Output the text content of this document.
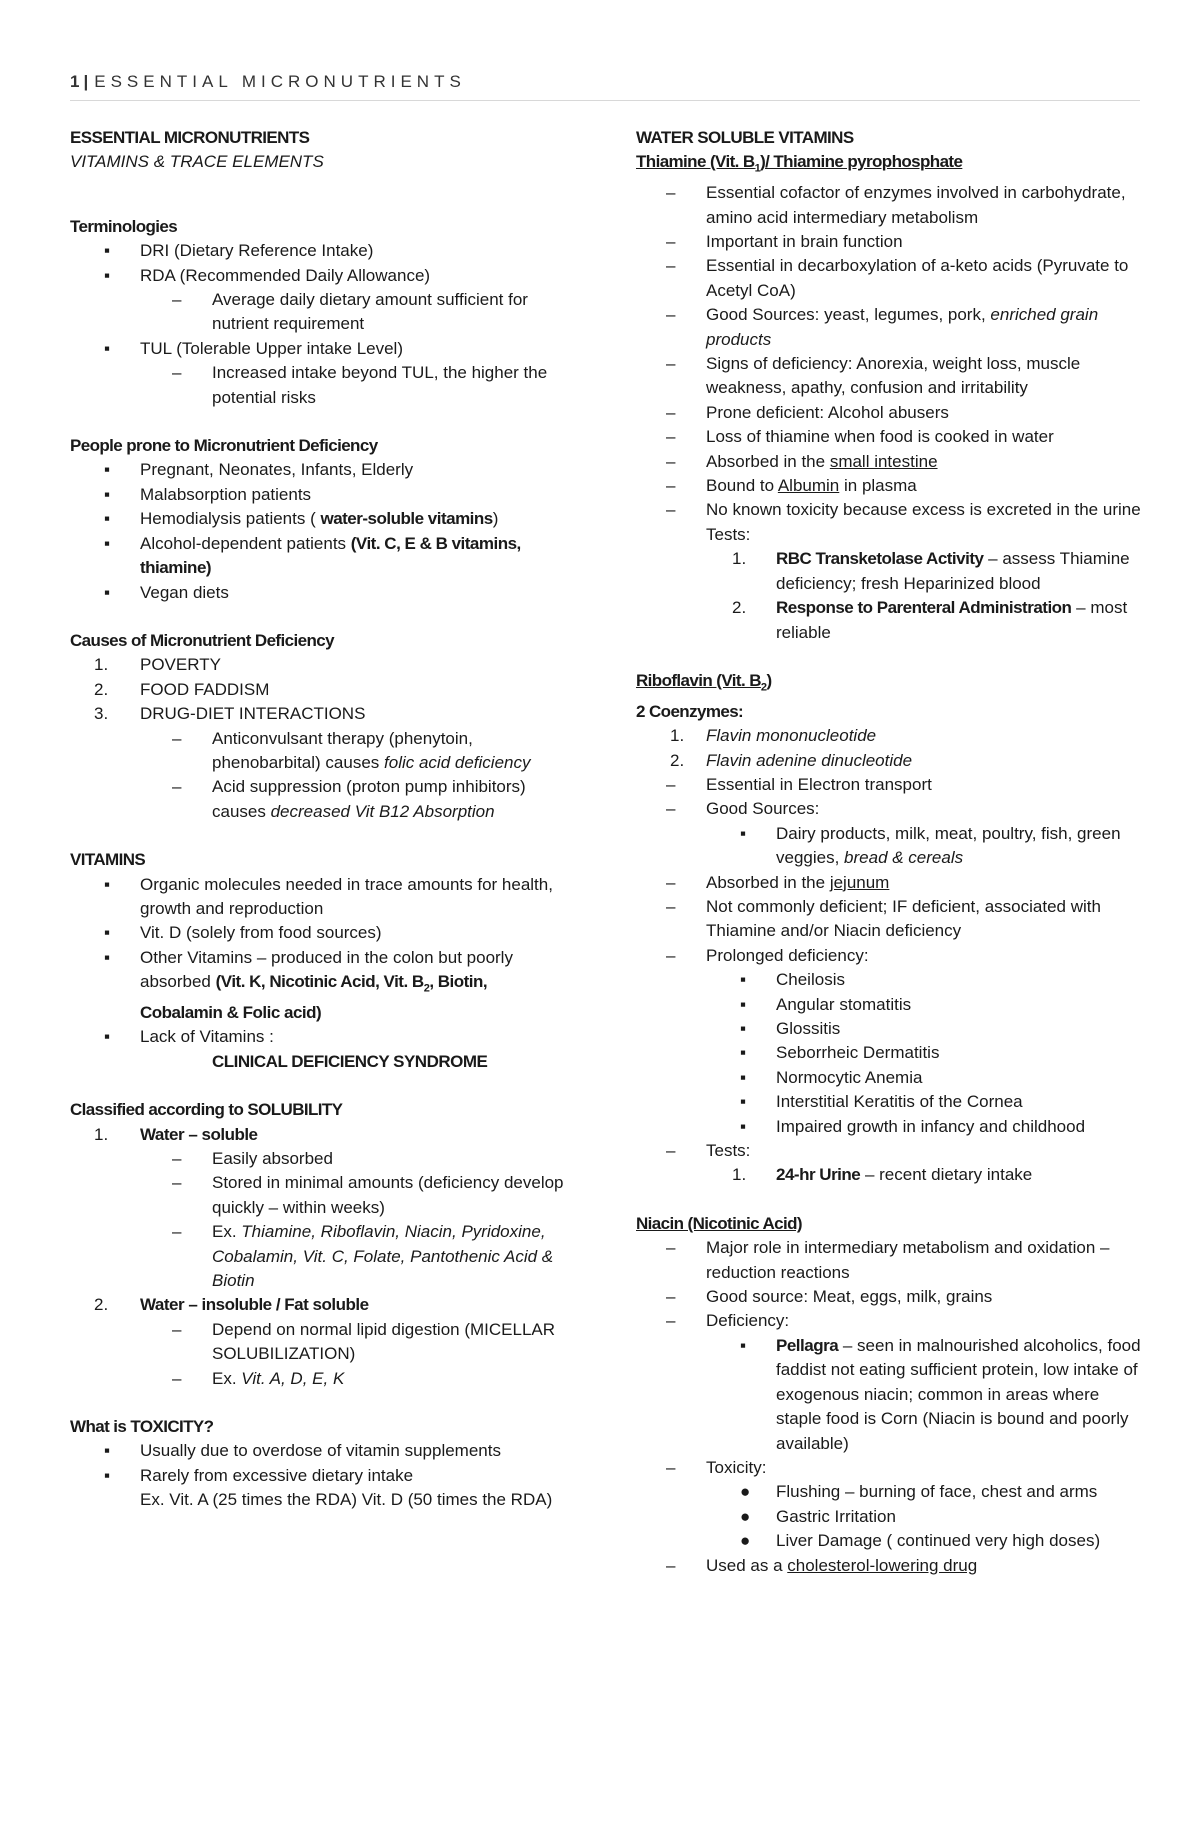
1 | ESSENTIAL MICRONUTRIENTS
ESSENTIAL MICRONUTRIENTS
VITAMINS & TRACE ELEMENTS
Terminologies
▪ DRI (Dietary Reference Intake)
▪ RDA (Recommended Daily Allowance)
– Average daily dietary amount sufficient for nutrient requirement
▪ TUL (Tolerable Upper intake Level)
– Increased intake beyond TUL, the higher the potential risks
People prone to Micronutrient Deficiency
▪ Pregnant, Neonates, Infants, Elderly
▪ Malabsorption patients
▪ Hemodialysis patients ( water-soluble vitamins)
▪ Alcohol-dependent patients (Vit. C, E & B vitamins, thiamine)
▪ Vegan diets
Causes of Micronutrient Deficiency
1. POVERTY
2. FOOD FADDISM
3. DRUG-DIET INTERACTIONS
– Anticonvulsant therapy (phenytoin, phenobarbital) causes folic acid deficiency
– Acid suppression (proton pump inhibitors) causes decreased Vit B12 Absorption
VITAMINS
▪ Organic molecules needed in trace amounts for health, growth and reproduction
▪ Vit. D (solely from food sources)
▪ Other Vitamins – produced in the colon but poorly absorbed (Vit. K, Nicotinic Acid, Vit. $B_2$, Biotin, Cobalamin & Folic acid)
▪ Lack of Vitamins :
CLINICAL DEFICIENCY SYNDROME
Classified according to SOLUBILITY
1. Water – soluble
– Easily absorbed
– Stored in minimal amounts (deficiency develop quickly – within weeks)
– Ex. Thiamine, Riboflavin, Niacin, Pyridoxine, Cobalamin, Vit. C, Folate, Pantothenic Acid & Biotin
2. Water – insoluble / Fat soluble
– Depend on normal lipid digestion (MICELLAR SOLUBILIZATION)
– Ex. Vit. A, D, E, K
What is TOXICITY?
▪ Usually due to overdose of vitamin supplements
▪ Rarely from excessive dietary intake
Ex. Vit. A (25 times the RDA) Vit. D (50 times the RDA)
WATER SOLUBLE VITAMINS
Thiamine (Vit. $B_1)/$ Thiamine pyrophosphate
– Essential cofactor of enzymes involved in carbohydrate, amino acid intermediary metabolism
– Important in brain function
– Essential in decarboxylation of a-keto acids (Pyruvate to Acetyl CoA)
– Good Sources: yeast, legumes, pork, enriched grain products
– Signs of deficiency: Anorexia, weight loss, muscle weakness, apathy, confusion and irritability
– Prone deficient: Alcohol abusers
– Loss of thiamine when food is cooked in water
– Absorbed in the small intestine
– Bound to Albumin in plasma
– No known toxicity because excess is excreted in the urine Tests:
1. RBC Transketolase Activity – assess Thiamine deficiency; fresh Heparinized blood
2. Response to Parenteral Administration – most reliable
Riboflavin (Vit. $B_2$)
2 Coenzymes:
1. Flavin mononucleotide
2. Flavin adenine dinucleotide
– Essential in Electron transport
– Good Sources:
▪ Dairy products, milk, meat, poultry, fish, green veggies, bread & cereals
– Absorbed in the jejunum
– Not commonly deficient; IF deficient, associated with Thiamine and/or Niacin deficiency
– Prolonged deficiency:
▪ Cheilosis
▪ Angular stomatitis
▪ Glossitis
▪ Seborrheic Dermatitis
▪ Normocytic Anemia
▪ Interstitial Keratitis of the Cornea
▪ Impaired growth in infancy and childhood
– Tests:
1. 24-hr Urine – recent dietary intake
Niacin (Nicotinic Acid)
– Major role in intermediary metabolism and oxidation – reduction reactions
– Good source: Meat, eggs, milk, grains
– Deficiency:
▪ Pellagra – seen in malnourished alcoholics, food faddist not eating sufficient protein, low intake of exogenous niacin; common in areas where staple food is Corn (Niacin is bound and poorly available)
– Toxicity:
● Flushing – burning of face, chest and arms
● Gastric Irritation
● Liver Damage ( continued very high doses)
– Used as a cholesterol-lowering drug
